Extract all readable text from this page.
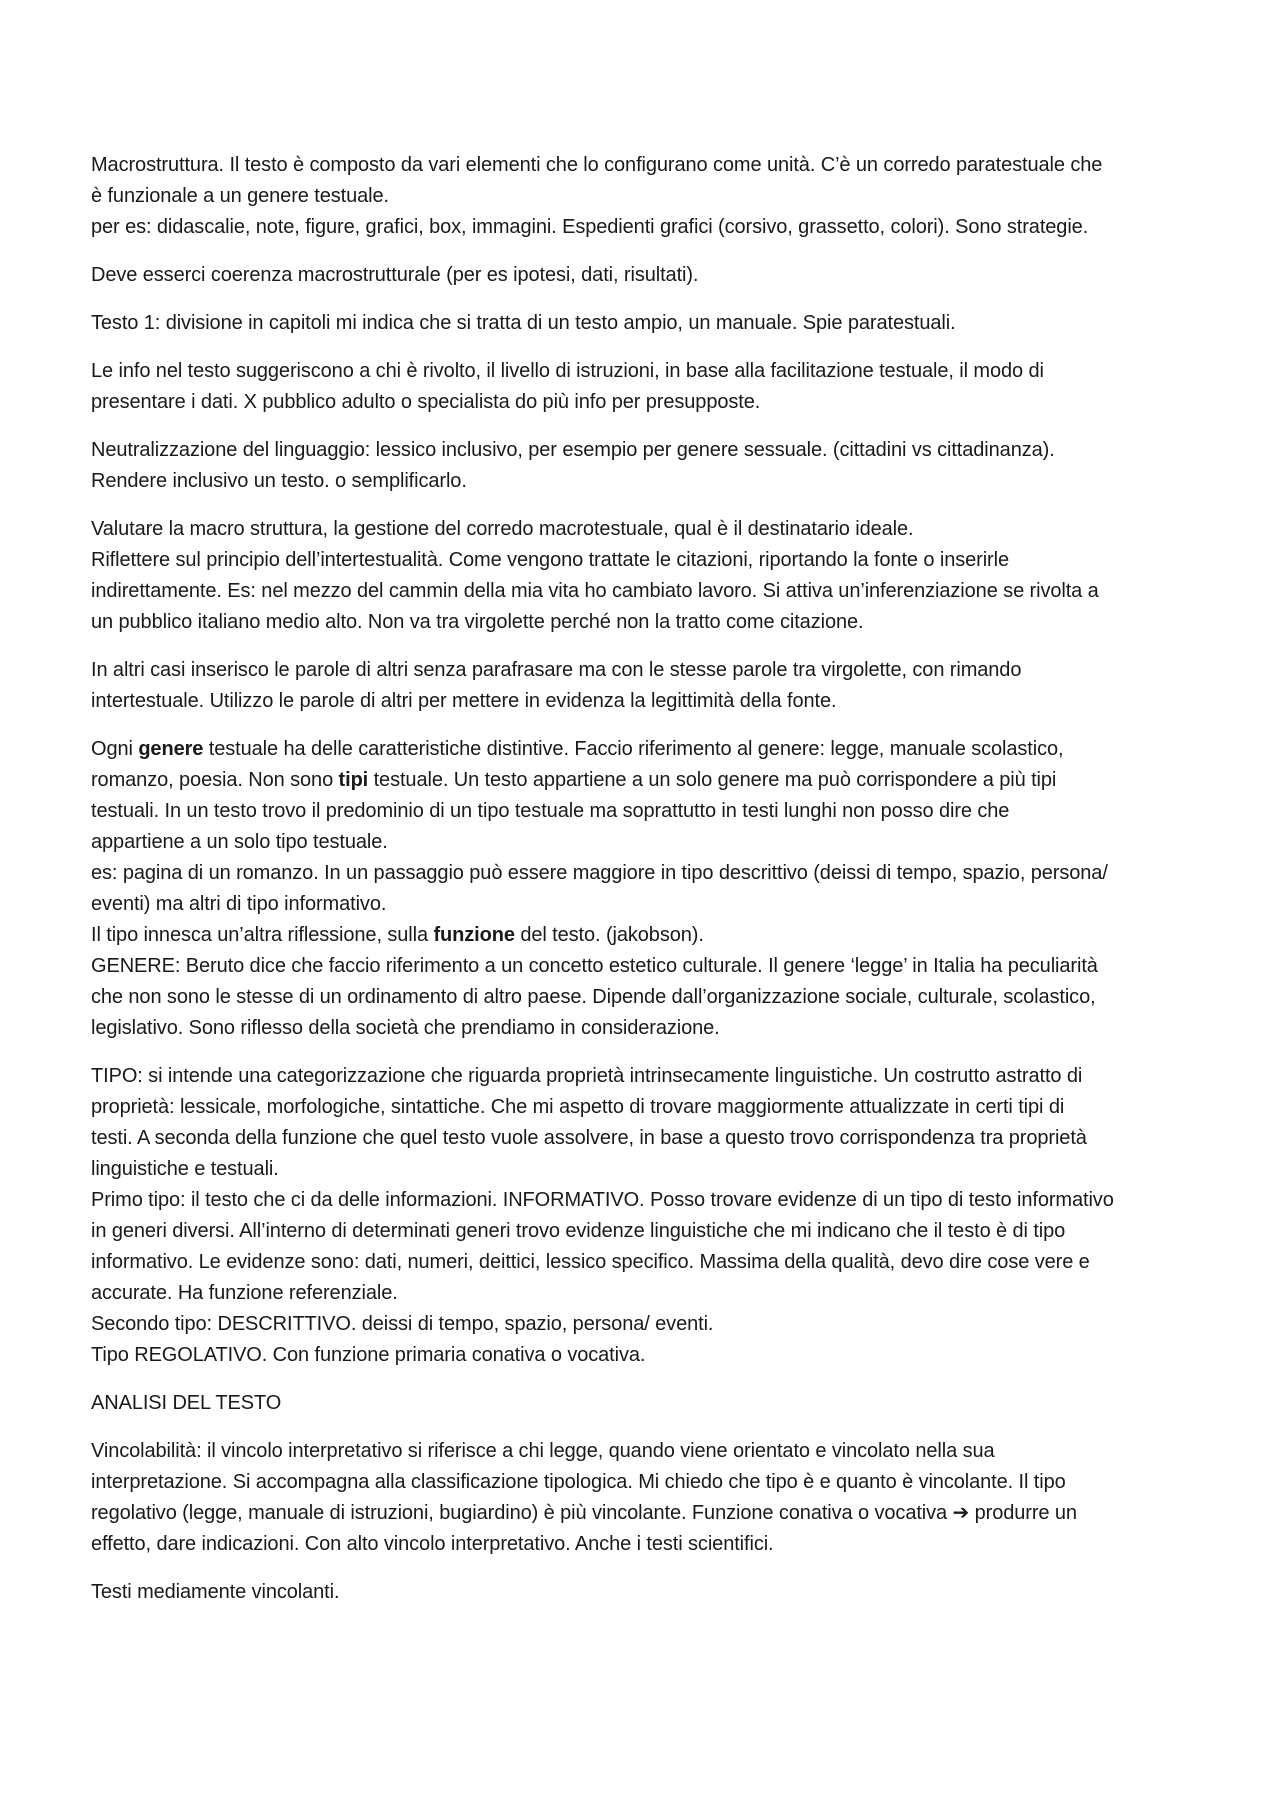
Macrostruttura. Il testo è composto da vari elementi che lo configurano come unità. C’è un corredo paratestuale che
è funzionale a un genere testuale.
per es: didascalie, note, figure, grafici, box, immagini. Espedienti grafici (corsivo, grassetto, colori). Sono strategie.
Deve esserci coerenza macrostrutturale (per es ipotesi, dati, risultati).
Testo 1: divisione in capitoli mi indica che si tratta di un testo ampio, un manuale. Spie paratestuali.
Le info nel testo suggeriscono a chi è rivolto, il livello di istruzioni, in base alla facilitazione testuale, il modo di
presentare i dati. X pubblico adulto o specialista do più info per presupposte.
Neutralizzazione del linguaggio: lessico inclusivo, per esempio per genere sessuale. (cittadini vs cittadinanza).
Rendere inclusivo un testo. o semplificarlo.
Valutare la macro struttura, la gestione del corredo macrotestuale, qual è il destinatario ideale.
Riflettere sul principio dell’intertestualità. Come vengono trattate le citazioni, riportando la fonte o inserirle
indirettamente. Es: nel mezzo del cammin della mia vita ho cambiato lavoro. Si attiva un’inferenziazione se rivolta a
un pubblico italiano medio alto. Non va tra virgolette perché non la tratto come citazione.
In altri casi inserisco le parole di altri senza parafrasare ma con le stesse parole tra virgolette, con rimando
intertestuale. Utilizzo le parole di altri per mettere in evidenza la legittimità della fonte.
Ogni genere testuale ha delle caratteristiche distintive. Faccio riferimento al genere: legge, manuale scolastico,
romanzo, poesia. Non sono tipi testuale. Un testo appartiene a un solo genere ma può corrispondere a più tipi
testuali. In un testo trovo il predominio di un tipo testuale ma soprattutto in testi lunghi non posso dire che
appartiene a un solo tipo testuale.
es: pagina di un romanzo. In un passaggio può essere maggiore in tipo descrittivo (deissi di tempo, spazio, persona/
eventi) ma altri di tipo informativo.
Il tipo innesca un’altra riflessione, sulla funzione del testo. (jakobson).
GENERE: Beruto dice che faccio riferimento a un concetto estetico culturale. Il genere ‘legge’ in Italia ha peculiarità
che non sono le stesse di un ordinamento di altro paese. Dipende dall’organizzazione sociale, culturale, scolastico,
legislativo. Sono riflesso della società che prendiamo in considerazione.
TIPO: si intende una categorizzazione che riguarda proprietà intrinsecamente linguistiche. Un costrutto astratto di
proprietà: lessicale, morfologiche, sintattiche. Che mi aspetto di trovare maggiormente attualizzate in certi tipi di
testi. A seconda della funzione che quel testo vuole assolvere, in base a questo trovo corrispondenza tra proprietà
linguistiche e testuali.
Primo tipo: il testo che ci da delle informazioni. INFORMATIVO. Posso trovare evidenze di un tipo di testo informativo
in generi diversi. All’interno di determinati generi trovo evidenze linguistiche che mi indicano che il testo è di tipo
informativo. Le evidenze sono: dati, numeri, deittici, lessico specifico. Massima della qualità, devo dire cose vere e
accurate. Ha funzione referenziale.
Secondo tipo: DESCRITTIVO. deissi di tempo, spazio, persona/ eventi.
Tipo REGOLATIVO. Con funzione primaria conativa o vocativa.
ANALISI DEL TESTO
Vincolabilità: il vincolo interpretativo si riferisce a chi legge, quando viene orientato e vincolato nella sua
interpretazione. Si accompagna alla classificazione tipologica. Mi chiedo che tipo è e quanto è vincolante. Il tipo
regolativo (legge, manuale di istruzioni, bugiardino) è più vincolante. Funzione conativa o vocativa ➔ produrre un
effetto, dare indicazioni. Con alto vincolo interpretativo. Anche i testi scientifici.
Testi mediamente vincolanti.
